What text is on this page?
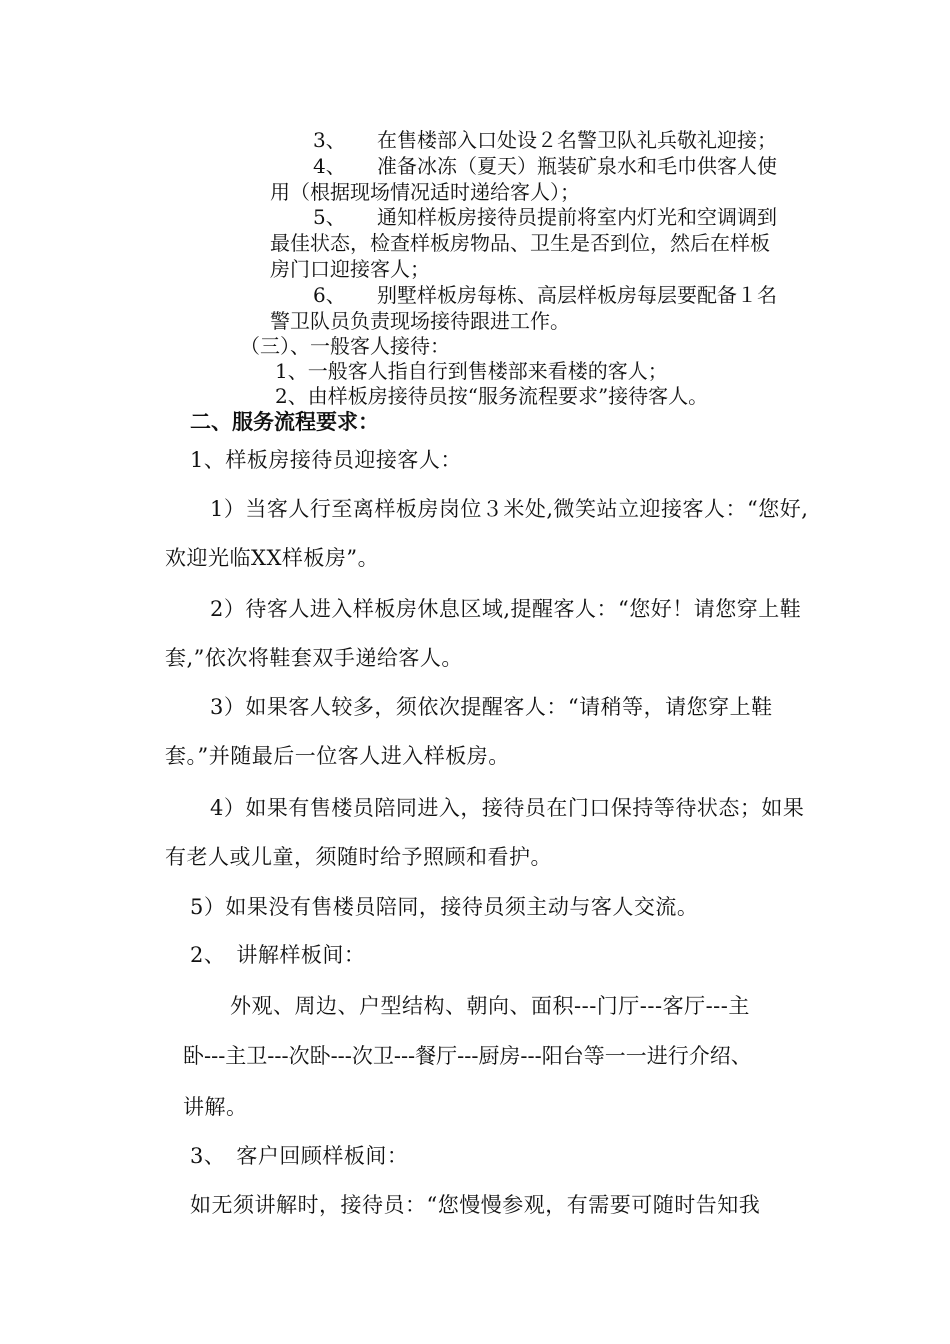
3、 在售楼部入口处设２名警卫队礼兵敬礼迎接；
4、 准备冰冻（夏天）瓶装矿泉水和毛巾供客人使
用（根据现场情况适时递给客人）；
5、 通知样板房接待员提前将室内灯光和空调调到
最佳状态，检查样板房物品、卫生是否到位，然后在样板
房门口迎接客人；
6、 别墅样板房每栋、高层样板房每层要配备１名
警卫队员负责现场接待跟进工作。
（三）、一般客人接待：
1、一般客人指自行到售楼部来看楼的客人；
2、由样板房接待员按“服务流程要求”接待客人。
二、服务流程要求：
1、样板房接待员迎接客人：
1）当客人行至离样板房岗位３米处,微笑站立迎接客人：“您好,
欢迎光临XX样板房”。
2）待客人进入样板房休息区域,提醒客人：“您好！请您穿上鞋
套,”依次将鞋套双手递给客人。
3）如果客人较多，须依次提醒客人：“请稍等，请您穿上鞋
套。”并随最后一位客人进入样板房。
4）如果有售楼员陪同进入，接待员在门口保持等待状态；如果
有老人或儿童，须随时给予照顾和看护。
5）如果没有售楼员陪同，接待员须主动与客人交流。
2、　讲解样板间：
外观、周边、户型结构、朝向、面积---门厅---客厅---主
卧---主卫---次卧---次卫---餐厅---厨房---阳台等一一进行介绍、
讲解。
3、　客户回顾样板间：
如无须讲解时，接待员：“您慢慢参观，有需要可随时告知我
